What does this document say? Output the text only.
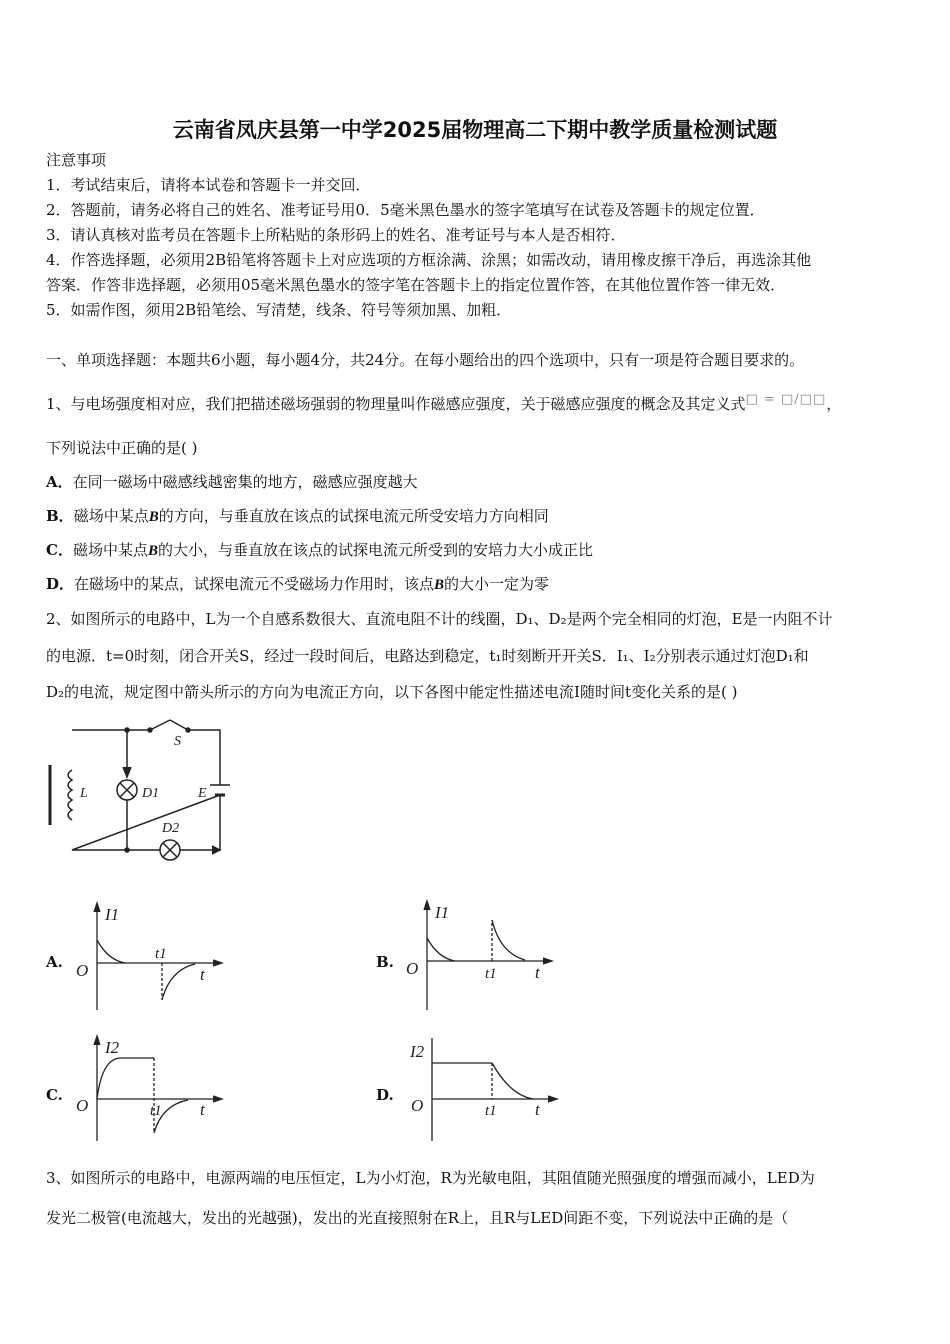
云南省凤庆县第一中学2025届物理高二下期中教学质量检测试题
注意事项
1．考试结束后，请将本试卷和答题卡一并交回．
2．答题前，请务必将自己的姓名、准考证号用0．5毫米黑色墨水的签字笔填写在试卷及答题卡的规定位置．
3．请认真核对监考员在答题卡上所粘贴的条形码上的姓名、准考证号与本人是否相符．
4．作答选择题，必须用2B铅笔将答题卡上对应选项的方框涂满、涂黑；如需改动，请用橡皮擦干净后，再选涂其他
答案．作答非选择题，必须用05毫米黑色墨水的签字笔在答题卡上的指定位置作答，在其他位置作答一律无效．
5．如需作图，须用2B铅笔绘、写清楚，线条、符号等须加黑、加粗．
一、单项选择题：本题共6小题，每小题4分，共24分。在每小题给出的四个选项中，只有一项是符合题目要求的。
1、与电场强度相对应，我们把描述磁场强弱的物理量叫作磁感应强度，关于磁感应强度的概念及其定义式□ = □/□□，
下列说法中正确的是( )
A．在同一磁场中磁感线越密集的地方，磁感应强度越大
B．磁场中某点B的方向，与垂直放在该点的试探电流元所受安培力方向相同
C．磁场中某点B的大小，与垂直放在该点的试探电流元所受到的安培力大小成正比
D．在磁场中的某点，试探电流元不受磁场力作用时，该点B的大小一定为零
2、如图所示的电路中，L为一个自感系数很大、直流电阻不计的线圈，D₁、D₂是两个完全相同的灯泡，E是一内阻不计
的电源．t=0时刻，闭合开关S，经过一段时间后，电路达到稳定，t₁时刻断开开关S．I₁、I₂分别表示通过灯泡D₁和
D₂的电流，规定图中箭头所示的方向为电流正方向，以下各图中能定性描述电流I随时间t变化关系的是( )
S
L	D1
D2
E
A.
I1
O
t1
t
B.
I1
O	t1 t
C.
I2
O	t1 t
D.
I2
O	t1 t
3、如图所示的电路中，电源两端的电压恒定，L为小灯泡，R为光敏电阻，其阻值随光照强度的增强而减小，LED为
发光二极管(电流越大，发出的光越强)，发出的光直接照射在R上，且R与LED间距不变，下列说法中正确的是（
